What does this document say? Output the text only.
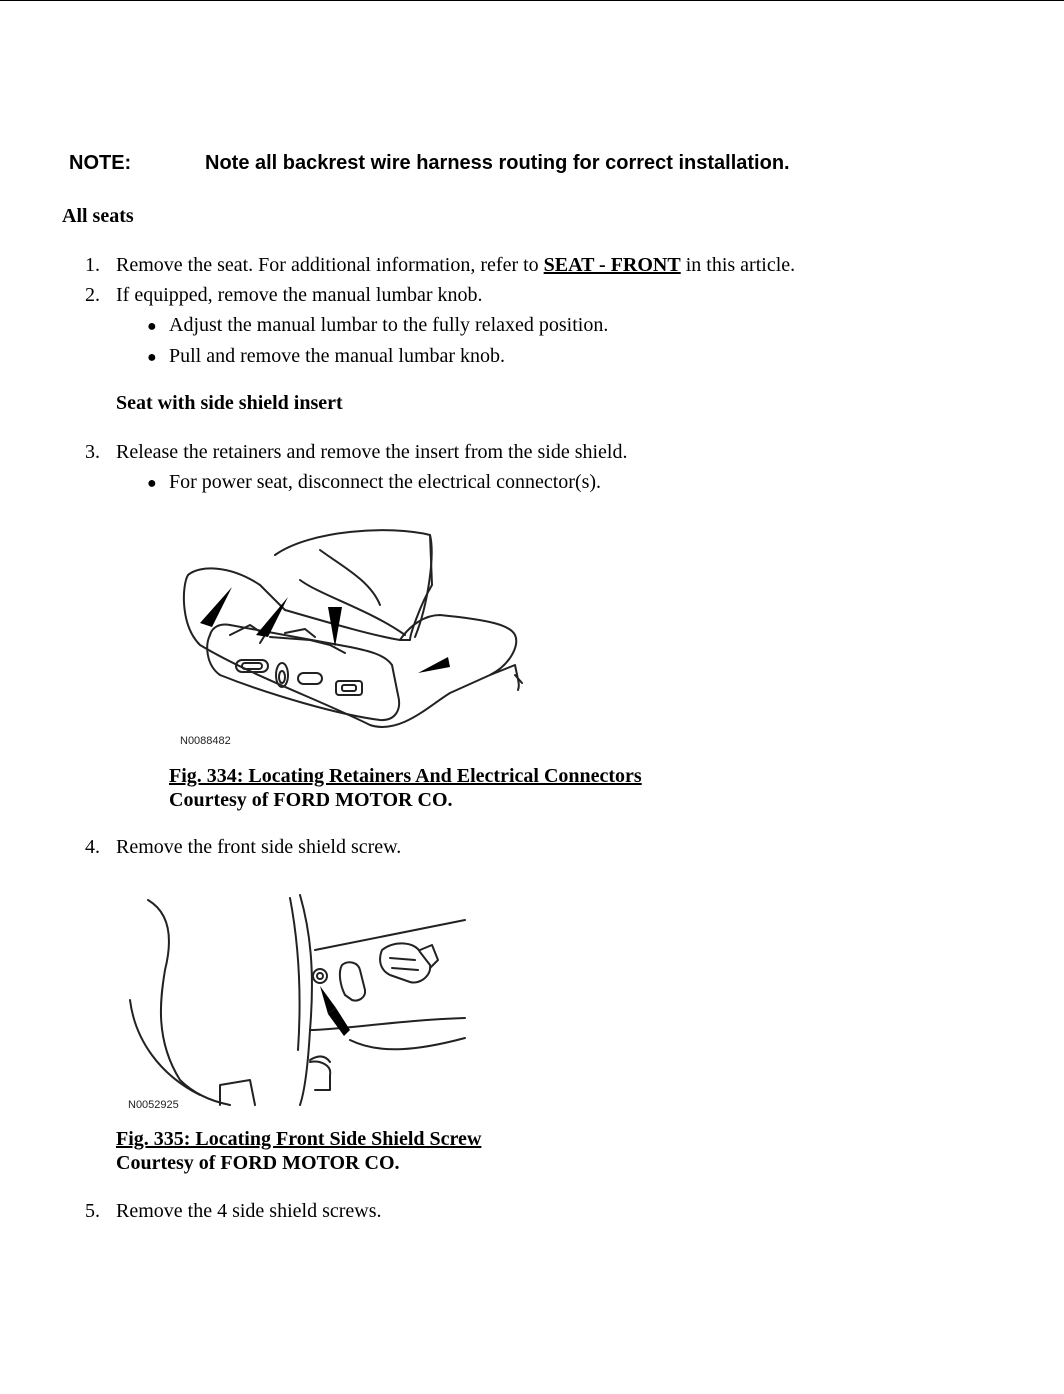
NOTE:	Note all backrest wire harness routing for correct installation.
All seats
1. Remove the seat. For additional information, refer to SEAT - FRONT in this article.
2. If equipped, remove the manual lumbar knob.
● Adjust the manual lumbar to the fully relaxed position.
● Pull and remove the manual lumbar knob.
Seat with side shield insert
3. Release the retainers and remove the insert from the side shield.
● For power seat, disconnect the electrical connector(s).
N0088482
Fig. 334: Locating Retainers And Electrical Connectors
Courtesy of FORD MOTOR CO.
4. Remove the front side shield screw.
N0052925
Fig. 335: Locating Front Side Shield Screw
Courtesy of FORD MOTOR CO.
5. Remove the 4 side shield screws.
